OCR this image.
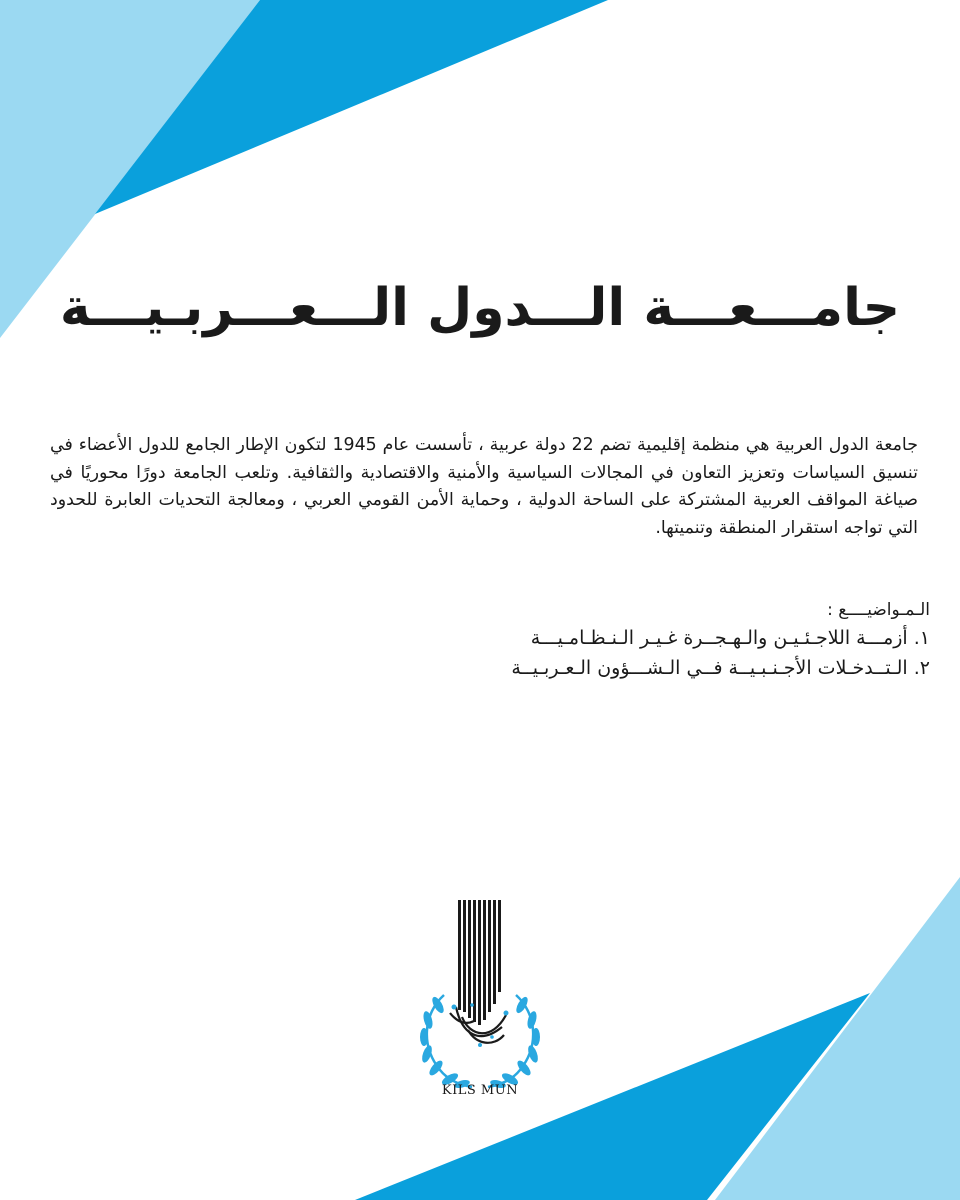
جامـــعـــة الـــدول الـــعـــربـيـــة

جامعة الدول العربية هي منظمة إقليمية تضم 22 دولة عربية ، تأسست عام 1945 لتكون الإطار الجامع للدول الأعضاء في تنسيق السياسات وتعزيز التعاون في المجالات السياسية والأمنية والاقتصادية والثقافية. وتلعب الجامعة دورًا محوريًا في صياغة المواقف العربية المشتركة على الساحة الدولية ، وحماية الأمن القومي العربي ، ومعالجة التحديات العابرة للحدود التي تواجه استقرار المنطقة وتنميتها.

الـمـواضيــــع :

١. أزمـــة اللاجـئـيـن والـهـجــرة غـيـر الـنـظـامـيـــة
٢. الـتــدخـلات الأجـنـبـيــة فــي الـشـــؤون الـعـربـيــة
KILS MUN
